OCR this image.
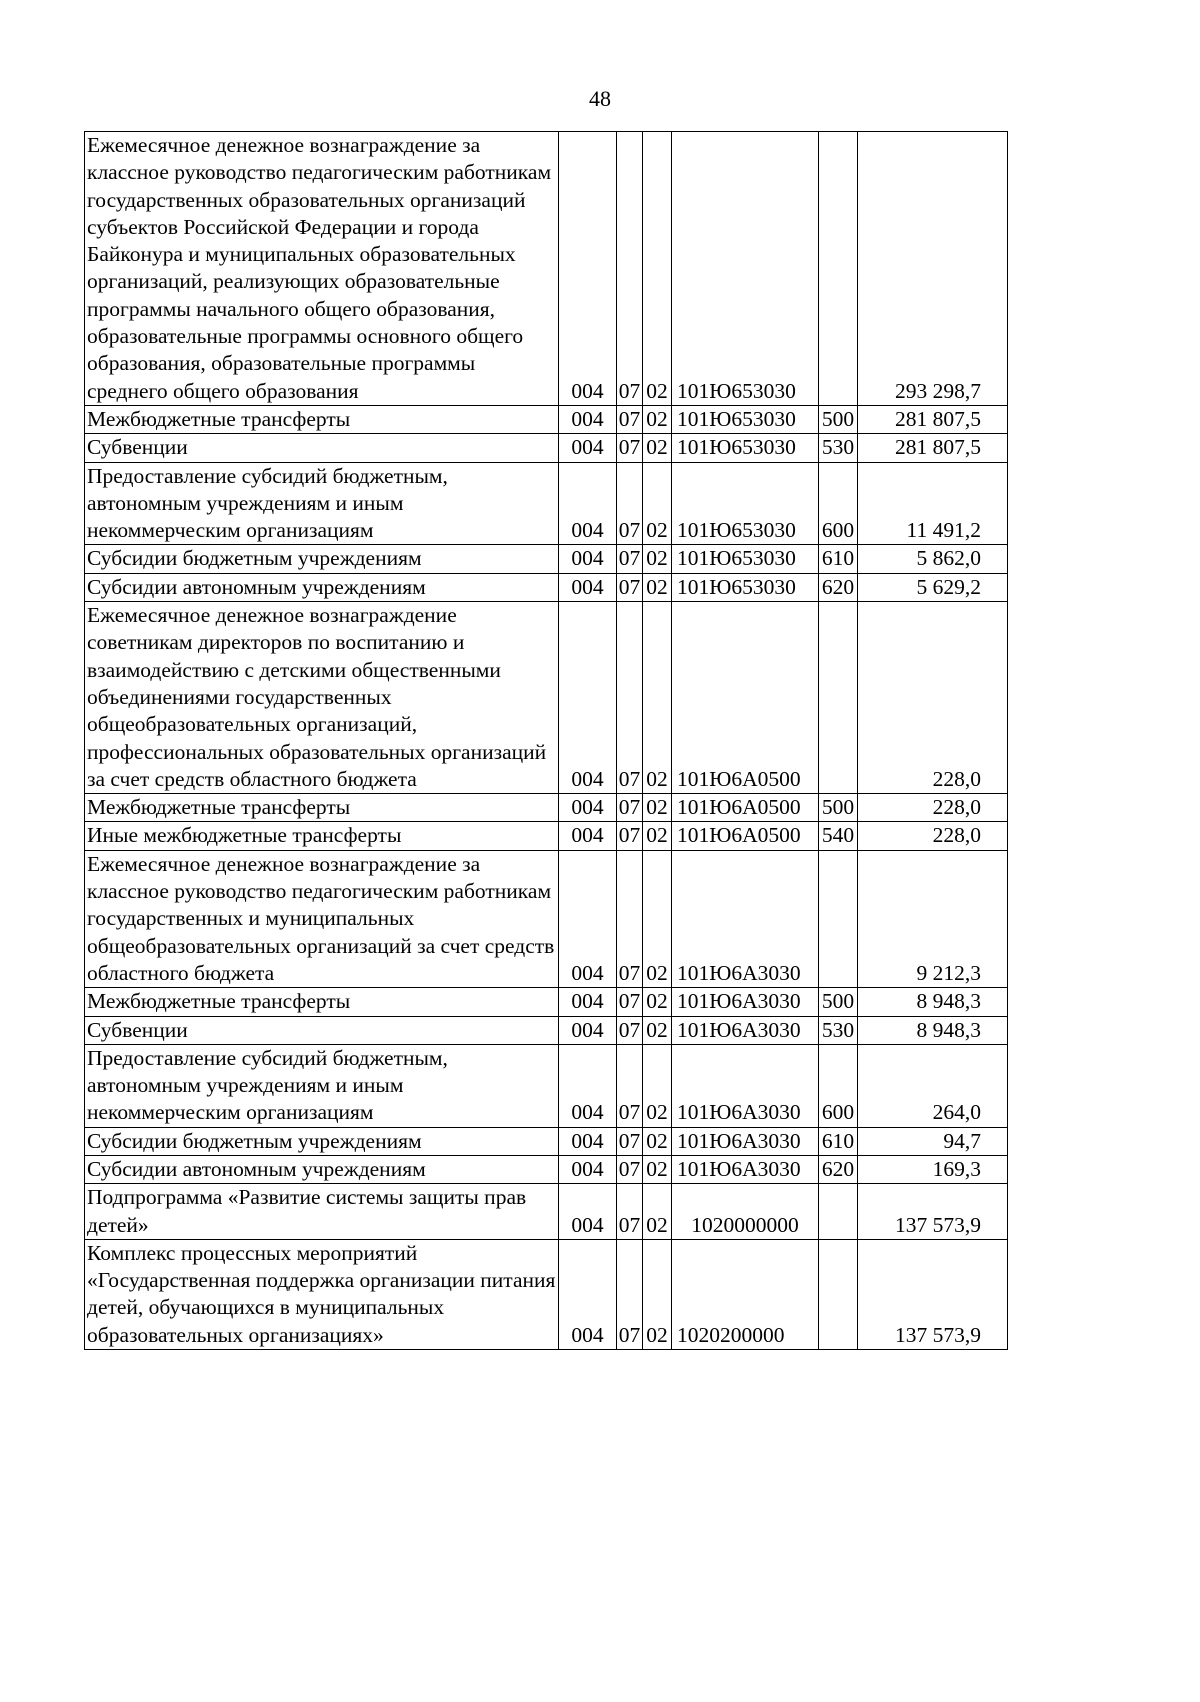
48
Ежемесячное денежное вознаграждение за классное руководство педагогическим работникам государственных образовательных организаций субъектов Российской Федерации и города Байконура и муниципальных образовательных организаций, реализующих образовательные программы начального общего образования, образовательные программы основного общего образования, образовательные программы среднего общего образования	004	07	02	101Ю653030		293 298,7
Межбюджетные трансферты	004	07	02	101Ю653030	500	281 807,5
Субвенции	004	07	02	101Ю653030	530	281 807,5
Предоставление субсидий бюджетным, автономным учреждениям и иным некоммерческим организациям	004	07	02	101Ю653030	600	11 491,2
Субсидии бюджетным учреждениям	004	07	02	101Ю653030	610	5 862,0
Субсидии автономным учреждениям	004	07	02	101Ю653030	620	5 629,2
Ежемесячное денежное вознаграждение советникам директоров по воспитанию и взаимодействию с детскими общественными объединениями государственных общеобразовательных организаций, профессиональных образовательных организаций за счет средств областного бюджета	004	07	02	101Ю6А0500		228,0
Межбюджетные трансферты	004	07	02	101Ю6А0500	500	228,0
Иные межбюджетные трансферты	004	07	02	101Ю6А0500	540	228,0
Ежемесячное денежное вознаграждение за классное руководство педагогическим работникам государственных и муниципальных общеобразовательных организаций за счет средств областного бюджета	004	07	02	101Ю6А3030		9 212,3
Межбюджетные трансферты	004	07	02	101Ю6А3030	500	8 948,3
Субвенции	004	07	02	101Ю6А3030	530	8 948,3
Предоставление субсидий бюджетным, автономным учреждениям и иным некоммерческим организациям	004	07	02	101Ю6А3030	600	264,0
Субсидии бюджетным учреждениям	004	07	02	101Ю6А3030	610	94,7
Субсидии автономным учреждениям	004	07	02	101Ю6А3030	620	169,3
Подпрограмма «Развитие системы защиты прав детей»	004	07	02	1020000000		137 573,9
Комплекс процессных мероприятий «Государственная поддержка организации питания детей, обучающихся в муниципальных образовательных организациях»	004	07	02	1020200000		137 573,9
